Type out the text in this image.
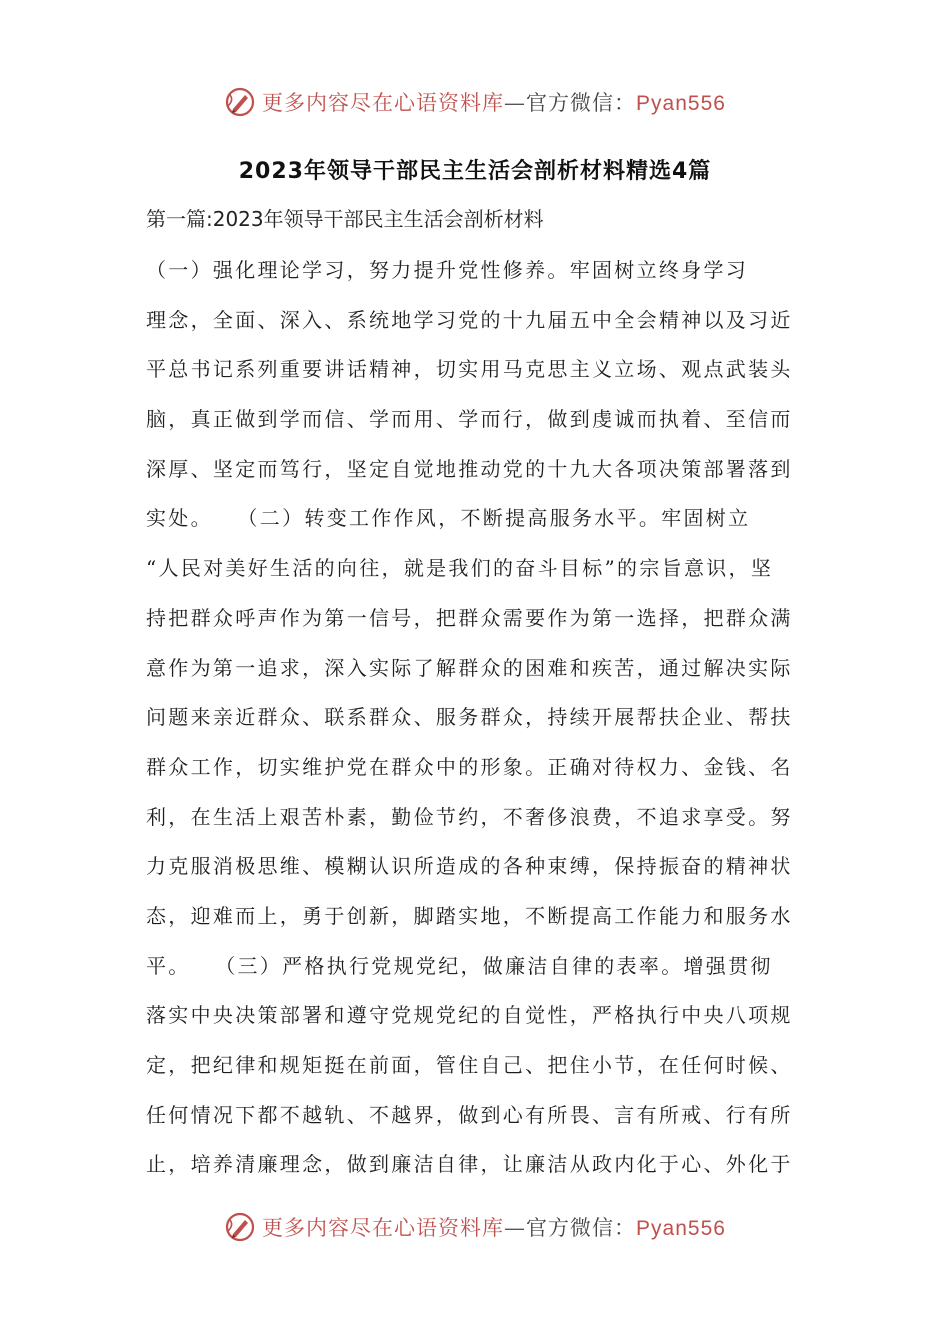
更多内容尽在心语资料库—官方微信：Pyan556
2023年领导干部民主生活会剖析材料精选4篇
第一篇:2023年领导干部民主生活会剖析材料
（一）强化理论学习，努力提升党性修养。牢固树立终身学习
理念，全面、深入、系统地学习党的十九届五中全会精神以及习近
平总书记系列重要讲话精神，切实用马克思主义立场、观点武装头
脑，真正做到学而信、学而用、学而行，做到虔诚而执着、至信而
深厚、坚定而笃行，坚定自觉地推动党的十九大各项决策部署落到
实处。　　（二）转变工作作风，不断提高服务水平。牢固树立
“人民对美好生活的向往，就是我们的奋斗目标”的宗旨意识，坚
持把群众呼声作为第一信号，把群众需要作为第一选择，把群众满
意作为第一追求，深入实际了解群众的困难和疾苦，通过解决实际
问题来亲近群众、联系群众、服务群众，持续开展帮扶企业、帮扶
群众工作，切实维护党在群众中的形象。正确对待权力、金钱、名
利，在生活上艰苦朴素，勤俭节约，不奢侈浪费，不追求享受。努
力克服消极思维、模糊认识所造成的各种束缚，保持振奋的精神状
态，迎难而上，勇于创新，脚踏实地，不断提高工作能力和服务水
平。　　（三）严格执行党规党纪，做廉洁自律的表率。增强贯彻
落实中央决策部署和遵守党规党纪的自觉性，严格执行中央八项规
定，把纪律和规矩挺在前面，管住自己、把住小节，在任何时候、
任何情况下都不越轨、不越界，做到心有所畏、言有所戒、行有所
止，培养清廉理念，做到廉洁自律，让廉洁从政内化于心、外化于
更多内容尽在心语资料库—官方微信：Pyan556
